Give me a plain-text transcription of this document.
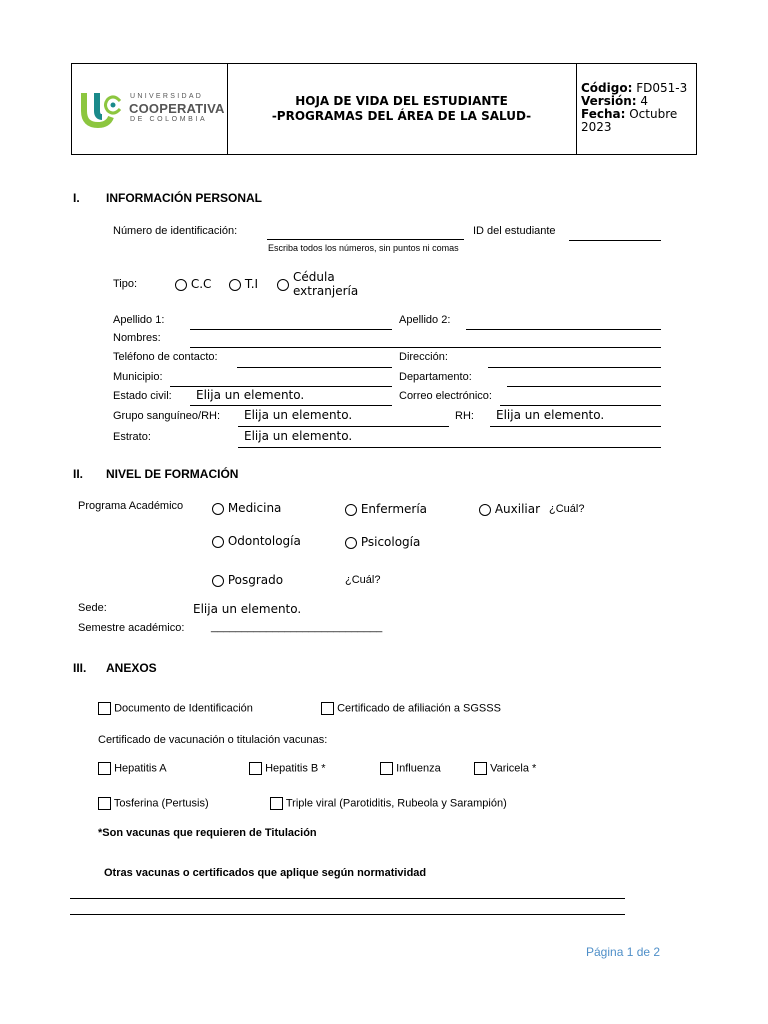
UNIVERSIDAD
COOPERATIVA
DE COLOMBIA
HOJA DE VIDA DEL ESTUDIANTE
-PROGRAMAS DEL ÁREA DE LA SALUD-
Código: FD051-3
Versión: 4
Fecha: Octubre
2023
I. INFORMACIÓN PERSONAL
Número de identificación:
Escriba todos los números, sin puntos ni comas
ID del estudiante
Tipo:	C.C	T.I	Cédula
extranjería
Apellido 1:	Apellido 2:
Nombres:
Teléfono de contacto:	Dirección:
Municipio:	Departamento:
Estado civil: Elija un elemento.	Correo electrónico:
Grupo sanguíneo/RH: Elija un elemento.	RH: Elija un elemento.
Estrato:	Elija un elemento.
II. NIVEL DE FORMACIÓN
Programa Académico	Medicina	Enfermería	Auxiliar ¿Cuál?
Odontología	Psicología
Posgrado	¿Cuál?
Sede:	Elija un elemento.
Semestre académico: ____________________________
III. ANEXOS
Documento de Identificación	Certificado de afiliación a SGSSS
Certificado de vacunación o titulación vacunas:
Hepatitis A	Hepatitis B *	Influenza	Varicela *
Tosferina (Pertusis)	Triple viral (Parotiditis, Rubeola y Sarampión)
*Son vacunas que requieren de Titulación
Otras vacunas o certificados que aplique según normatividad
Página 1 de 2
